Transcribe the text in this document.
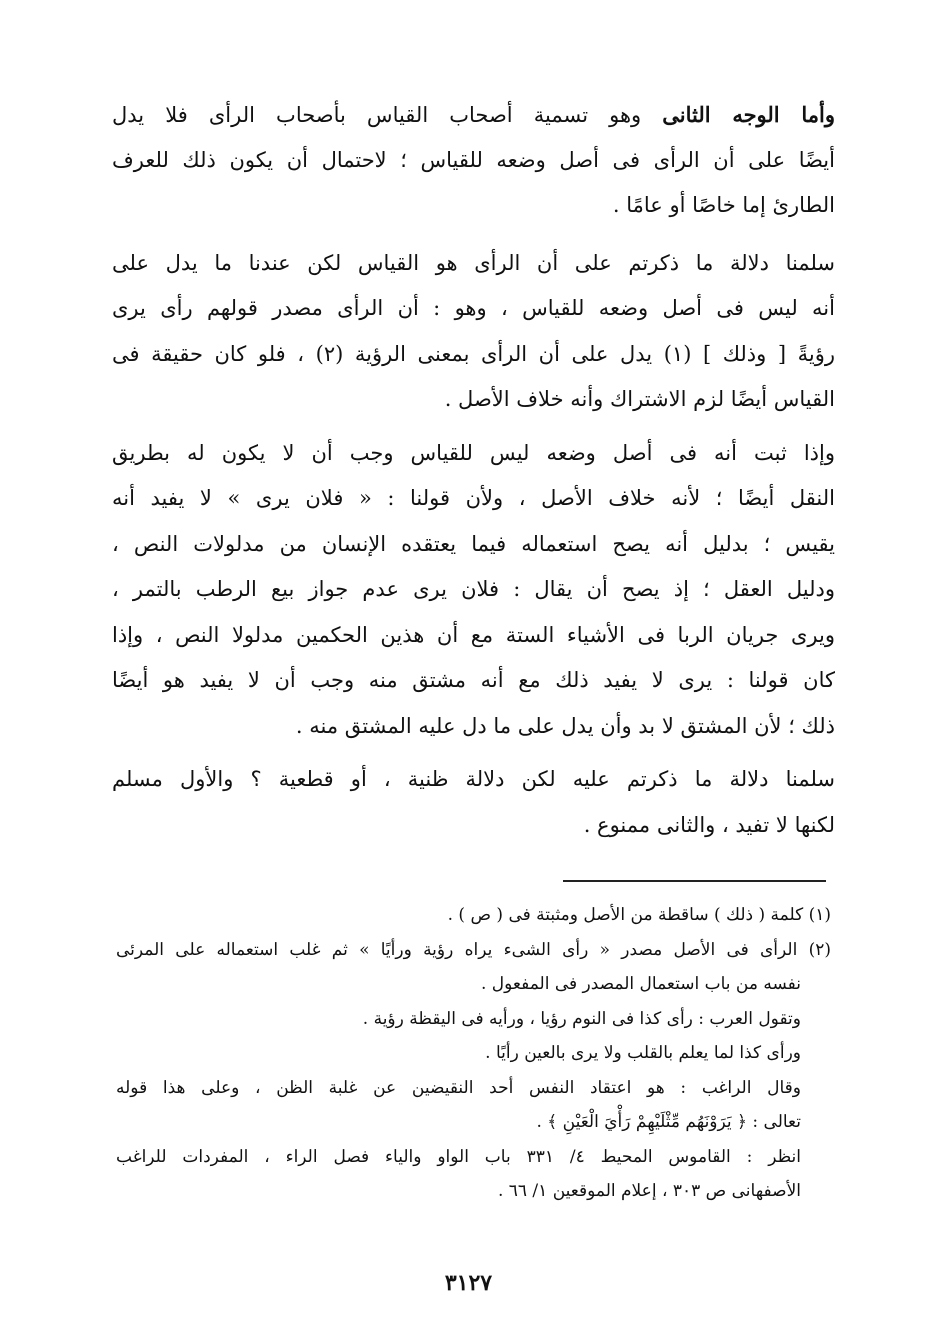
وأما الوجه الثانى وهو تسمية أصحاب القياس بأصحاب الرأى فلا يدل
أيضًا على أن الرأى فى أصل وضعه للقياس ؛ لاحتمال أن يكون ذلك للعرف
الطارئ إما خاصًا أو عامًا .
سلمنا دلالة ما ذكرتم على أن الرأى هو القياس لكن عندنا ما يدل على
أنه ليس فى أصل وضعه للقياس ، وهو : أن الرأى مصدر قولهم رأى يرى
رؤيةً [ وذلك ] (١) يدل على أن الرأى بمعنى الرؤية (٢) ، فلو كان حقيقة فى
القياس أيضًا لزم الاشتراك وأنه خلاف الأصل .
وإذا ثبت أنه فى أصل وضعه ليس للقياس وجب أن لا يكون له بطريق
النقل أيضًا ؛ لأنه خلاف الأصل ، ولأن قولنا : « فلان يرى » لا يفيد أنه
يقيس ؛ بدليل أنه يصح استعماله فيما يعتقده الإنسان من مدلولات النص ،
ودليل العقل ؛ إذ يصح أن يقال : فلان يرى عدم جواز بيع الرطب بالتمر ،
ويرى جريان الربا فى الأشياء الستة مع أن هذين الحكمين مدلولا النص ، وإذا
كان قولنا : يرى لا يفيد ذلك مع أنه مشتق منه وجب أن لا يفيد هو أيضًا
ذلك ؛ لأن المشتق لا بد وأن يدل على ما دل عليه المشتق منه .
سلمنا دلالة ما ذكرتم عليه لكن دلالة ظنية ، أو قطعية ؟ والأول مسلم
لكنها لا تفيد ، والثانى ممنوع .
(١) كلمة ( ذلك ) ساقطة من الأصل ومثبتة فى ( ص ) .
(٢) الرأى فى الأصل مصدر « رأى الشىء يراه رؤية ورأيًا » ثم غلب استعماله على المرئى
نفسه من باب استعمال المصدر فى المفعول .
وتقول العرب : رأى كذا فى النوم رؤيا ، ورأيه فى اليقظة رؤية .
ورأى كذا لما يعلم بالقلب ولا يرى بالعين رأيًا .
وقال الراغب : هو اعتقاد النفس أحد النقيضين عن غلبة الظن ، وعلى هذا قوله
تعالى : ﴿ يَرَوْنَهُم مِّثْلَيْهِمْ رَأْيَ الْعَيْنِ ﴾ .
انظر : القاموس المحيط ٤/ ٣٣١ باب الواو والياء فصل الراء ، المفردات للراغب
الأصفهانى ص ٣٠٣ ، إعلام الموقعين ١/ ٦٦ .
٣١٢٧
